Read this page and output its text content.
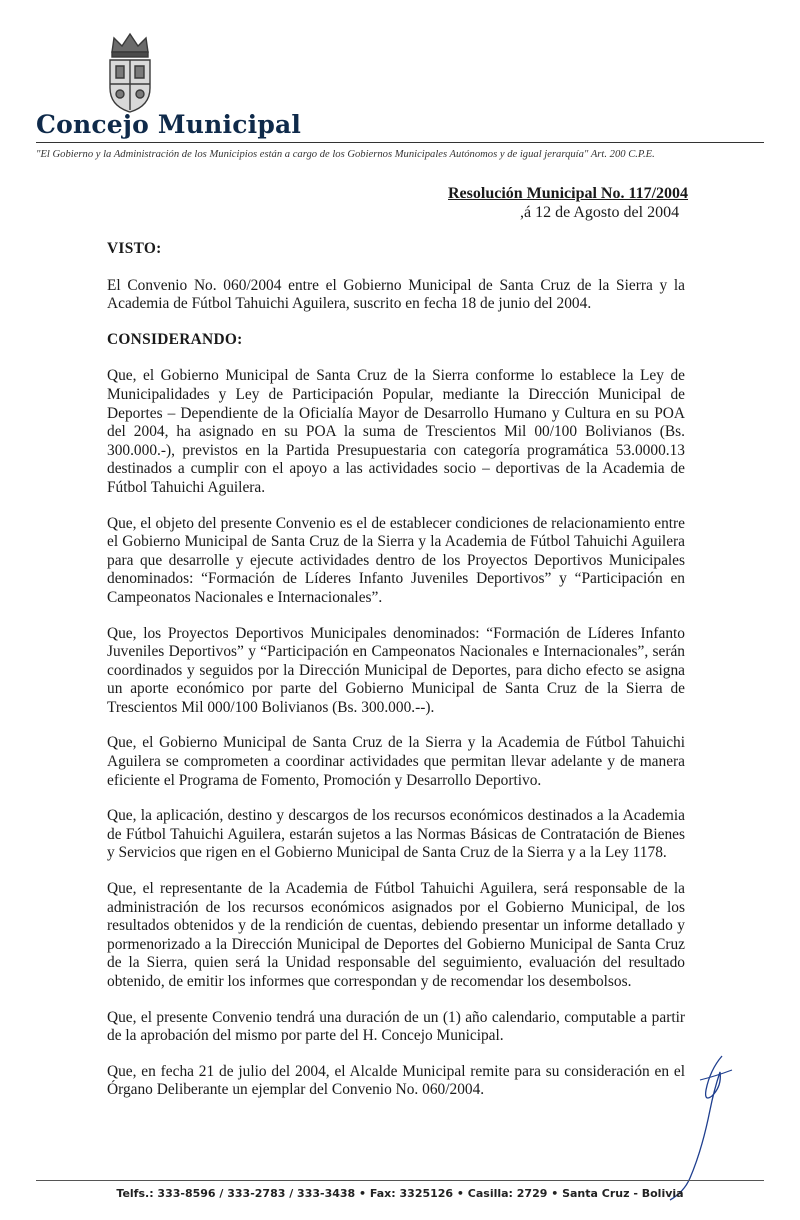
Concejo Municipal
"El Gobierno y la Administración de los Municipios están a cargo de los Gobiernos Municipales Autónomos y de igual jerarquía" Art. 200 C.P.E.
Resolución Municipal No. 117/2004
,á 12 de Agosto del 2004
VISTO:

El Convenio No. 060/2004 entre el Gobierno Municipal de Santa Cruz de la Sierra y la Academia de Fútbol Tahuichi Aguilera, suscrito en fecha 18 de junio del 2004.

CONSIDERANDO:

Que, el Gobierno Municipal de Santa Cruz de la Sierra conforme lo establece la Ley de Municipalidades y Ley de Participación Popular, mediante la Dirección Municipal de Deportes – Dependiente de la Oficialía Mayor de Desarrollo Humano y Cultura en su POA del 2004, ha asignado en su POA la suma de Trescientos Mil 00/100 Bolivianos (Bs. 300.000.-), previstos en la Partida Presupuestaria con categoría programática 53.0000.13 destinados a cumplir con el apoyo a las actividades socio – deportivas de la Academia de Fútbol Tahuichi Aguilera.

Que, el objeto del presente Convenio es el de establecer condiciones de relacionamiento entre el Gobierno Municipal de Santa Cruz de la Sierra y la Academia de Fútbol Tahuichi Aguilera para que desarrolle y ejecute actividades dentro de los Proyectos Deportivos Municipales denominados: “Formación de Líderes Infanto Juveniles Deportivos” y “Participación en Campeonatos Nacionales e Internacionales”.

Que, los Proyectos Deportivos Municipales denominados: “Formación de Líderes Infanto Juveniles Deportivos” y “Participación en Campeonatos Nacionales e Internacionales”, serán coordinados y seguidos por la Dirección Municipal de Deportes, para dicho efecto se asigna un aporte económico por parte del Gobierno Municipal de Santa Cruz de la Sierra de Trescientos Mil 000/100 Bolivianos (Bs. 300.000.--).

Que, el Gobierno Municipal de Santa Cruz de la Sierra y la Academia de Fútbol Tahuichi Aguilera se comprometen a coordinar actividades que permitan llevar adelante y de manera eficiente el Programa de Fomento, Promoción y Desarrollo Deportivo.

Que, la aplicación, destino y descargos de los recursos económicos destinados a la Academia de Fútbol Tahuichi Aguilera, estarán sujetos a las Normas Básicas de Contratación de Bienes y Servicios que rigen en el Gobierno Municipal de Santa Cruz de la Sierra y a la Ley 1178.

Que, el representante de la Academia de Fútbol Tahuichi Aguilera, será responsable de la administración de los recursos económicos asignados por el Gobierno Municipal, de los resultados obtenidos y de la rendición de cuentas, debiendo presentar un informe detallado y pormenorizado a la Dirección Municipal de Deportes del Gobierno Municipal de Santa Cruz de la Sierra, quien será la Unidad responsable del seguimiento, evaluación del resultado obtenido, de emitir los informes que correspondan y de recomendar los desembolsos.

Que, el presente Convenio tendrá una duración de un (1) año calendario, computable a partir de la aprobación del mismo por parte del H. Concejo Municipal.

Que, en fecha 21 de julio del 2004, el Alcalde Municipal remite para su consideración en el Órgano Deliberante un ejemplar del Convenio No. 060/2004.

Telfs.: 333-8596 / 333-2783 / 333-3438 • Fax: 3325126 • Casilla: 2729 • Santa Cruz - Bolivia
